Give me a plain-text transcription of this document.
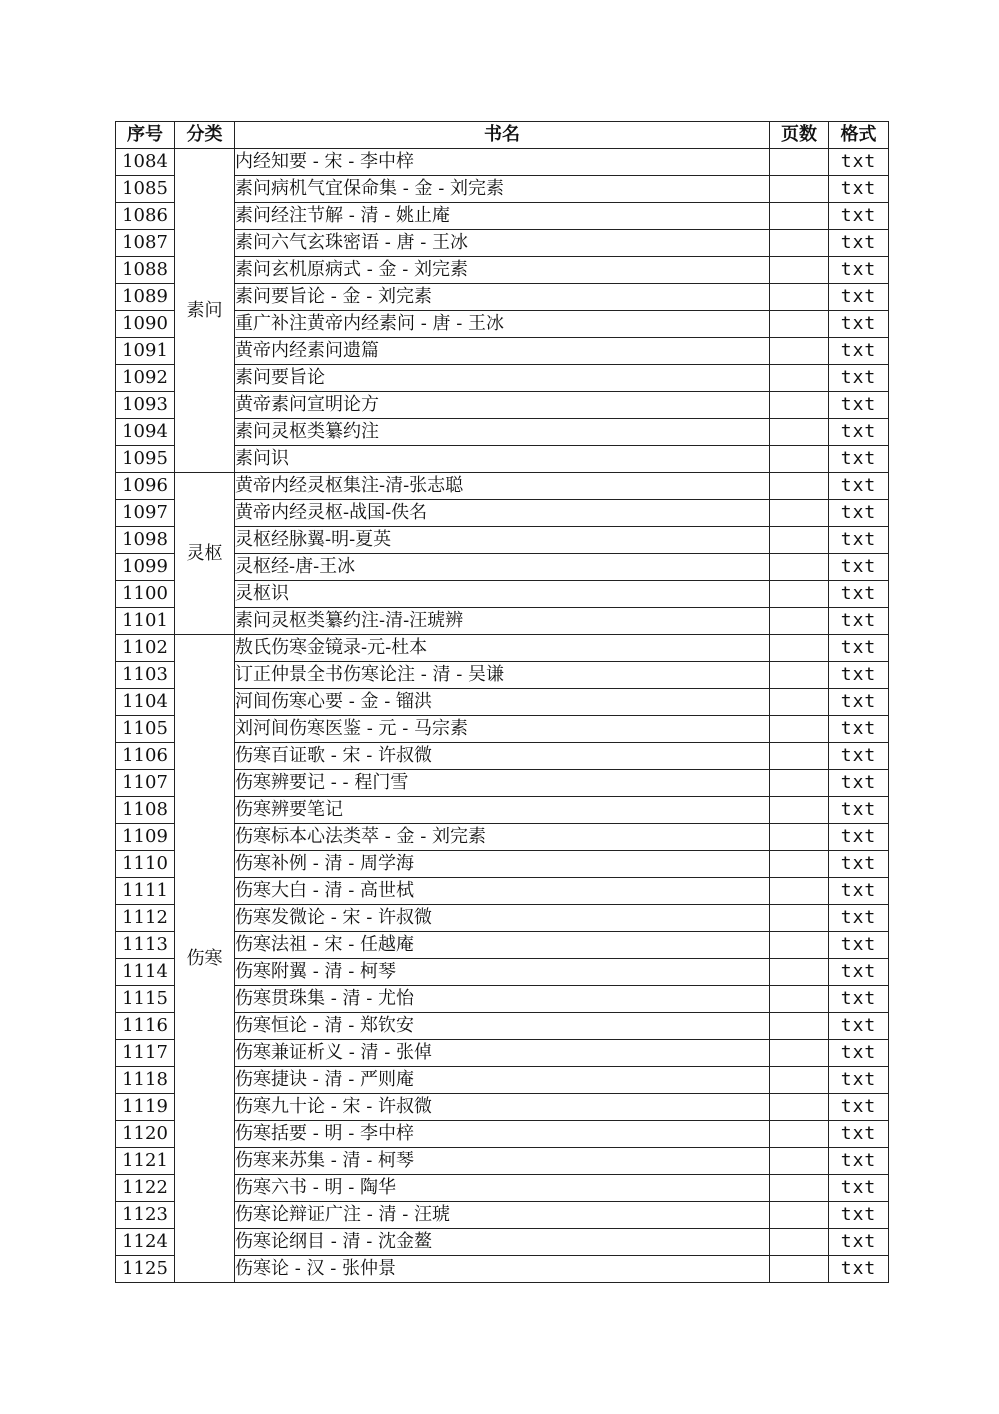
序号	分类	书名	页数	格式
1084	素问	内经知要 - 宋 - 李中梓		txt
1085		素问病机气宜保命集 - 金 - 刘完素		txt
1086		素问经注节解 - 清 - 姚止庵		txt
1087		素问六气玄珠密语 - 唐 - 王冰		txt
1088		素问玄机原病式 - 金 - 刘完素		txt
1089		素问要旨论 - 金 - 刘完素		txt
1090		重广补注黄帝内经素问 - 唐 - 王冰		txt
1091		黄帝内经素问遗篇		txt
1092		素问要旨论		txt
1093		黄帝素问宣明论方		txt
1094		素问灵枢类纂约注		txt
1095		素问识		txt
1096	灵枢	黄帝内经灵枢集注-清-张志聪		txt
1097		黄帝内经灵枢-战国-佚名		txt
1098		灵枢经脉翼-明-夏英		txt
1099		灵枢经-唐-王冰		txt
1100		灵枢识		txt
1101		素问灵枢类纂约注-清-汪琥辨		txt
1102	伤寒	敖氏伤寒金镜录-元-杜本		txt
1103		订正仲景全书伤寒论注 - 清 - 吴谦		txt
1104		河间伤寒心要 - 金 - 镏洪		txt
1105		刘河间伤寒医鉴 - 元 - 马宗素		txt
1106		伤寒百证歌 - 宋 - 许叔微		txt
1107		伤寒辨要记 - - 程门雪		txt
1108		伤寒辨要笔记		txt
1109		伤寒标本心法类萃 - 金 - 刘完素		txt
1110		伤寒补例 - 清 - 周学海		txt
1111		伤寒大白 - 清 - 高世栻		txt
1112		伤寒发微论 - 宋 - 许叔微		txt
1113		伤寒法祖 - 宋 - 任越庵		txt
1114		伤寒附翼 - 清 - 柯琴		txt
1115		伤寒贯珠集 - 清 - 尤怡		txt
1116		伤寒恒论 - 清 - 郑钦安		txt
1117		伤寒兼证析义 - 清 - 张倬		txt
1118		伤寒捷诀 - 清 - 严则庵		txt
1119		伤寒九十论 - 宋 - 许叔微		txt
1120		伤寒括要 - 明 - 李中梓		txt
1121		伤寒来苏集 - 清 - 柯琴		txt
1122		伤寒六书 - 明 - 陶华		txt
1123		伤寒论辩证广注 - 清 - 汪琥		txt
1124		伤寒论纲目 - 清 - 沈金鳌		txt
1125		伤寒论 - 汉 - 张仲景		txt
